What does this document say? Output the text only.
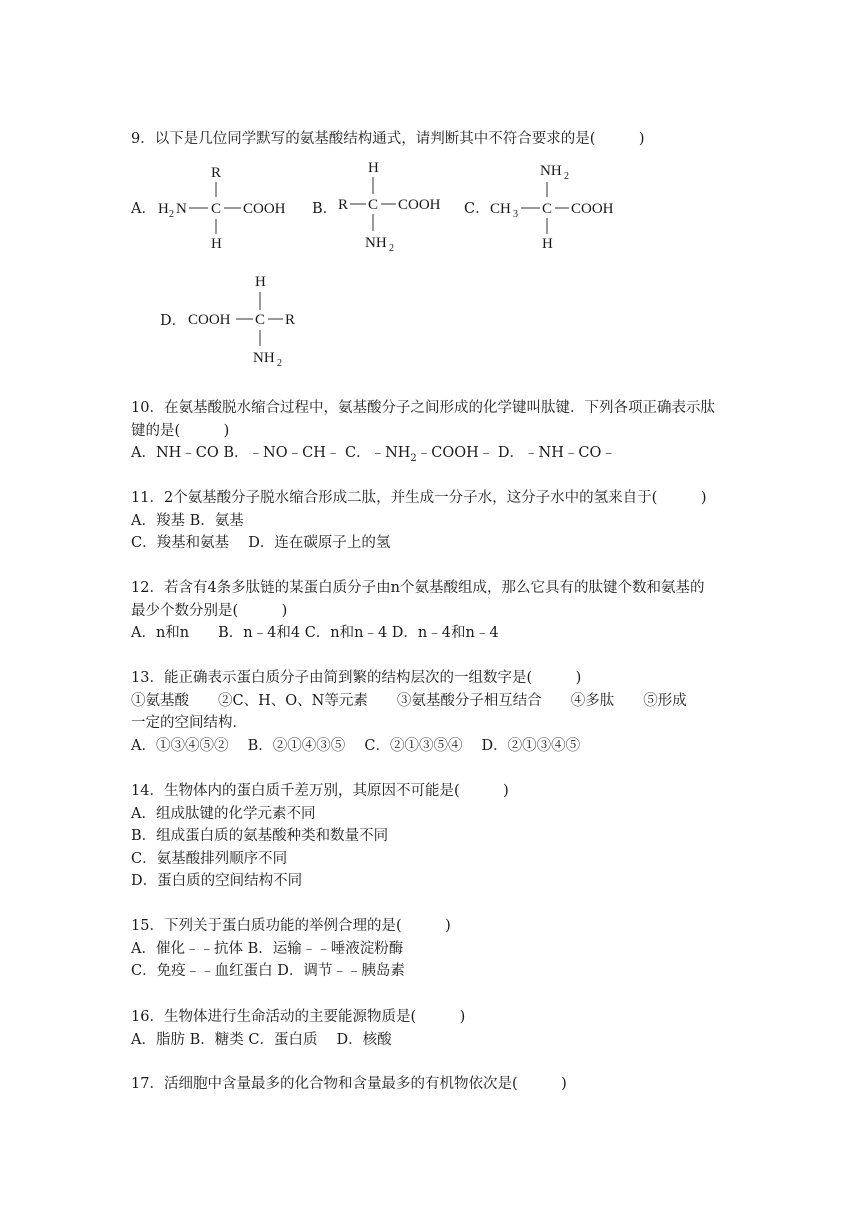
9．以下是几位同学默写的氨基酸结构通式，请判断其中不符合要求的是(　　　)
A．
R
H 2 N C COOH
H
B．
H
R C COOH
NH 2
C．
NH 2
CH 3 C COOH
H
D．
H
COOH C R
NH 2
10．在氨基酸脱水缩合过程中，氨基酸分子之间形成的化学键叫肽键．下列各项正确表示肽
键的是(　　　)
A．NH﹣CO B．﹣NO﹣CH﹣ C．$﹣NH_2﹣COOH﹣$ D．﹣NH﹣CO﹣
11．2个氨基酸分子脱水缩合形成二肽，并生成一分子水，这分子水中的氢来自于(　　　)
A．羧基 B．氨基
C．羧基和氨基　 D．连在碳原子上的氢
12．若含有4条多肽链的某蛋白质分子由n个氨基酸组成，那么它具有的肽键个数和氨基的
最少个数分别是(　　　)
A．n和n　　B．n﹣4和4 C．n和n﹣4 D．n﹣4和n﹣4
13．能正确表示蛋白质分子由简到繁的结构层次的一组数字是(　　　)
①氨基酸　　②C、H、O、N等元素　　③氨基酸分子相互结合　　④多肽　　⑤形成
一定的空间结构．
A．①③④⑤②　 B．②①④③⑤　 C．②①③⑤④　 D．②①③④⑤
14．生物体内的蛋白质千差万别，其原因不可能是(　　　)
A．组成肽键的化学元素不同
B．组成蛋白质的氨基酸种类和数量不同
C．氨基酸排列顺序不同
D．蛋白质的空间结构不同
15．下列关于蛋白质功能的举例合理的是(　　　)
A．催化﹣﹣抗体 B．运输﹣﹣唾液淀粉酶
C．免疫﹣﹣血红蛋白 D．调节﹣﹣胰岛素
16．生物体进行生命活动的主要能源物质是(　　　)
A．脂肪 B．糖类 C．蛋白质　 D．核酸
17．活细胞中含量最多的化合物和含量最多的有机物依次是(　　　)
